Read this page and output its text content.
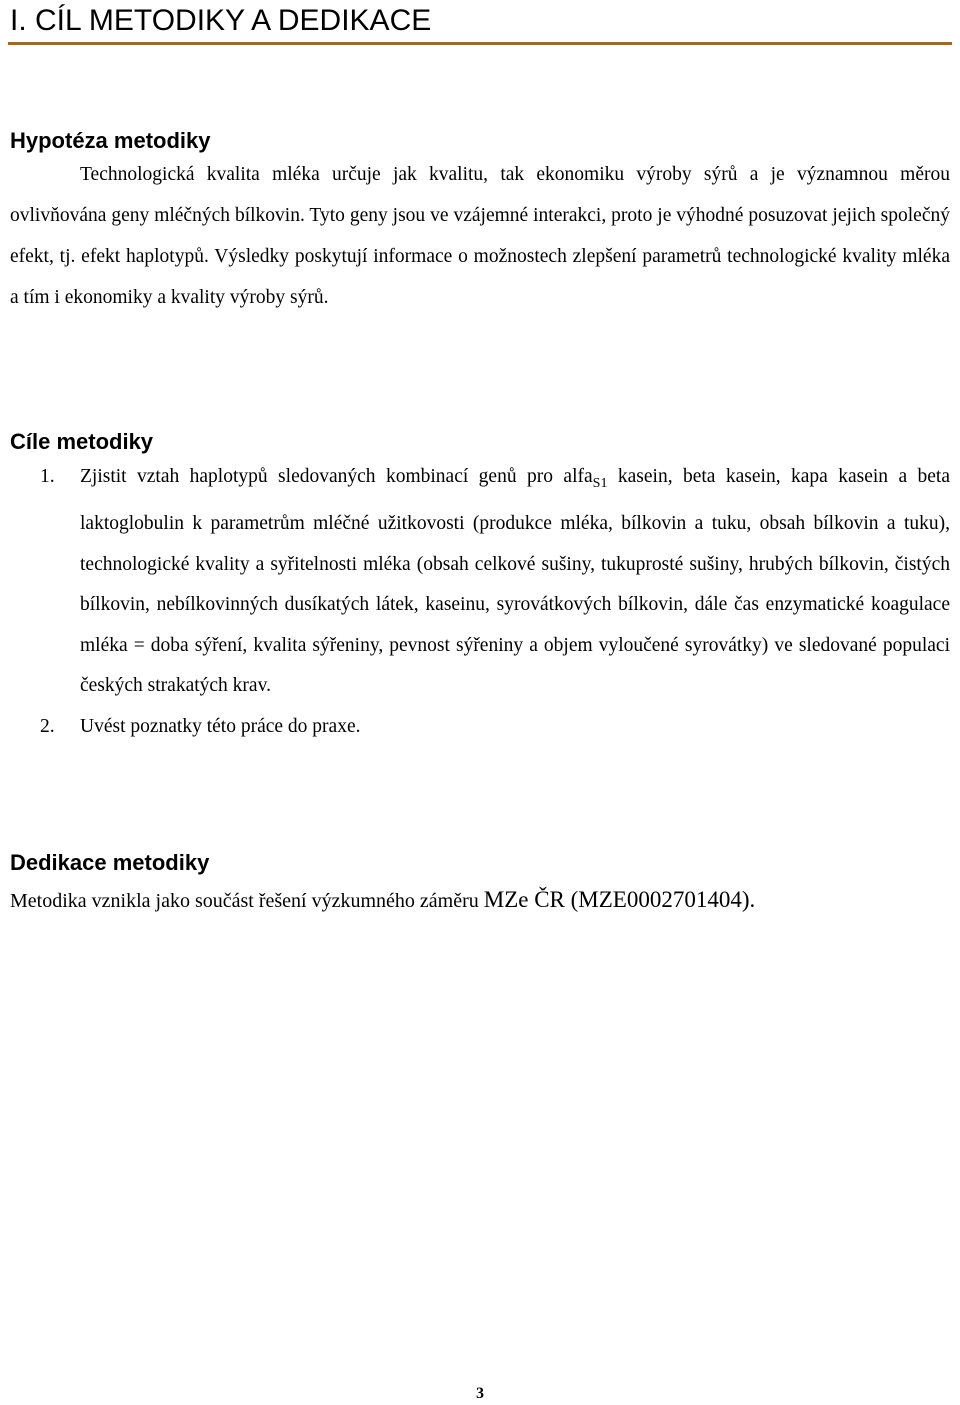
I. CÍL METODIKY A DEDIKACE
Hypotéza metodiky

Technologická kvalita mléka určuje jak kvalitu, tak ekonomiku výroby sýrů a je významnou měrou ovlivňována geny mléčných bílkovin. Tyto geny jsou ve vzájemné interakci, proto je výhodné posuzovat jejich společný efekt, tj. efekt haplotypů. Výsledky poskytují informace o možnostech zlepšení parametrů technologické kvality mléka a tím i ekonomiky a kvality výroby sýrů.

Cíle metodiky
1. Zjistit vztah haplotypů sledovaných kombinací genů pro alfa$_{S1}$ kasein, beta kasein, kapa kasein a beta laktoglobulin k parametrům mléčné užitkovosti (produkce mléka, bílkovin a tuku, obsah bílkovin a tuku), technologické kvality a syřitelnosti mléka (obsah celkové sušiny, tukuprosté sušiny, hrubých bílkovin, čistých bílkovin, nebílkovinných dusíkatých látek, kaseinu, syrovátkových bílkovin, dále čas enzymatické koagulace mléka = doba sýření, kvalita sýřeniny, pevnost sýřeniny a objem vyloučené syrovátky) ve sledované populaci českých strakatých krav.
2. Uvést poznatky této práce do praxe.
Dedikace metodiky

Metodika vznikla jako součást řešení výzkumného záměru MZe ČR (MZE0002701404).

3
